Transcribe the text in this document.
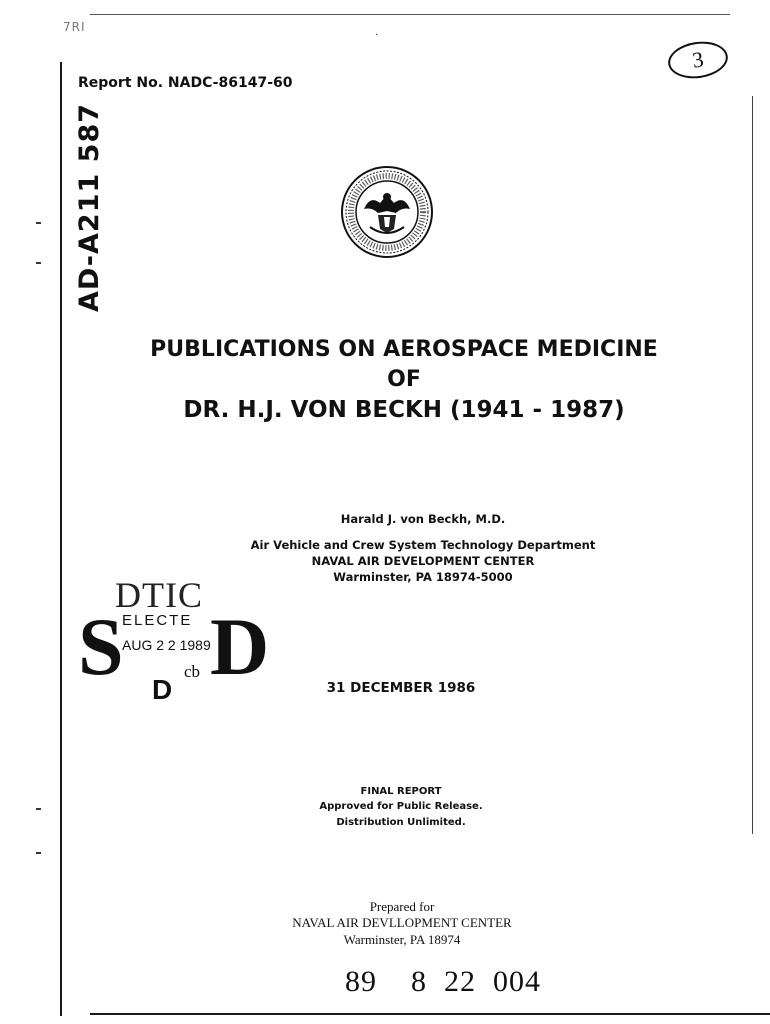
7RI
·
Report No. NADC-86147-60
3
AD-A211 587
PUBLICATIONS ON AEROSPACE MEDICINE
OF
DR. H.J. VON BECKH (1941 - 1987)
Harald J. von Beckh, M.D.
Air Vehicle and Crew System Technology Department
NAVAL AIR DEVELOPMENT CENTER
Warminster, PA 18974-5000
DTIC
S
ELECTE
AUG 2 2 1989 D
D
cb
31 DECEMBER 1986
FINAL REPORT
Approved for Public Release.
Distribution Unlimited.
Prepared for
NAVAL AIR DEVLLOPMENT CENTER
Warminster, PA 18974
89    8  22  004
